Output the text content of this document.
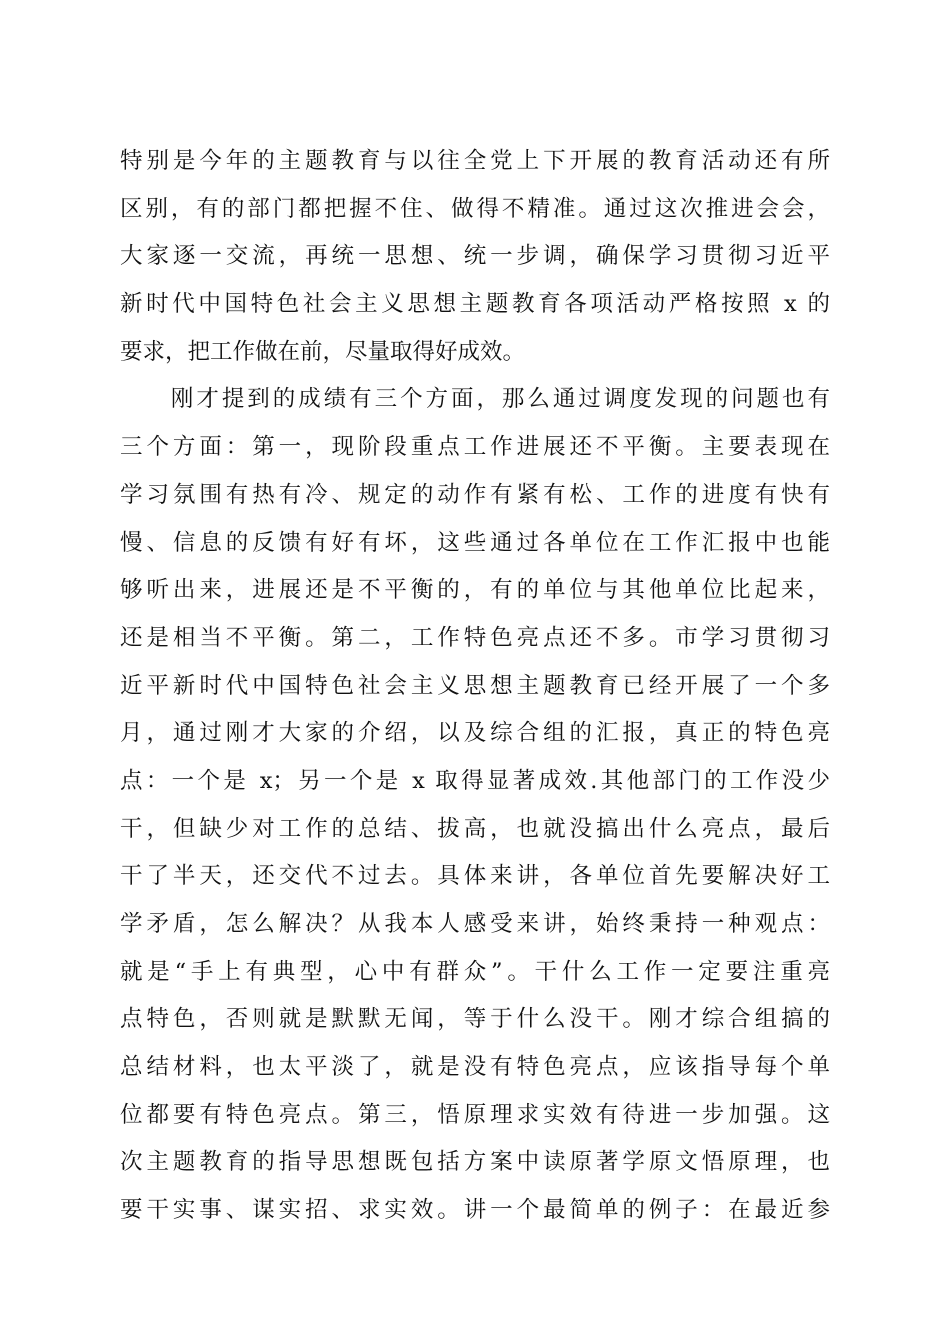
特别是今年的主题教育与以往全党上下开展的教育活动还有所
区别，有的部门都把握不住、做得不精准。通过这次推进会会，
大家逐一交流，再统一思想、统一步调，确保学习贯彻习近平
新时代中国特色社会主义思想主题教育各项活动严格按照 x 的
要求，把工作做在前，尽量取得好成效。
　　刚才提到的成绩有三个方面，那么通过调度发现的问题也有
三个方面：第一，现阶段重点工作进展还不平衡。主要表现在
学习氛围有热有冷、规定的动作有紧有松、工作的进度有快有
慢、信息的反馈有好有坏，这些通过各单位在工作汇报中也能
够听出来，进展还是不平衡的，有的单位与其他单位比起来，
还是相当不平衡。第二，工作特色亮点还不多。市学习贯彻习
近平新时代中国特色社会主义思想主题教育已经开展了一个多
月，通过刚才大家的介绍，以及综合组的汇报，真正的特色亮
点：一个是 x；另一个是 x 取得显著成效.其他部门的工作没少
干，但缺少对工作的总结、拔高，也就没搞出什么亮点，最后
干了半天，还交代不过去。具体来讲，各单位首先要解决好工
学矛盾，怎么解决？从我本人感受来讲，始终秉持一种观点：
就是“手上有典型，心中有群众”。干什么工作一定要注重亮
点特色，否则就是默默无闻，等于什么没干。刚才综合组搞的
总结材料，也太平淡了，就是没有特色亮点，应该指导每个单
位都要有特色亮点。第三，悟原理求实效有待进一步加强。这
次主题教育的指导思想既包括方案中读原著学原文悟原理，也
要干实事、谋实招、求实效。讲一个最简单的例子：在最近参
